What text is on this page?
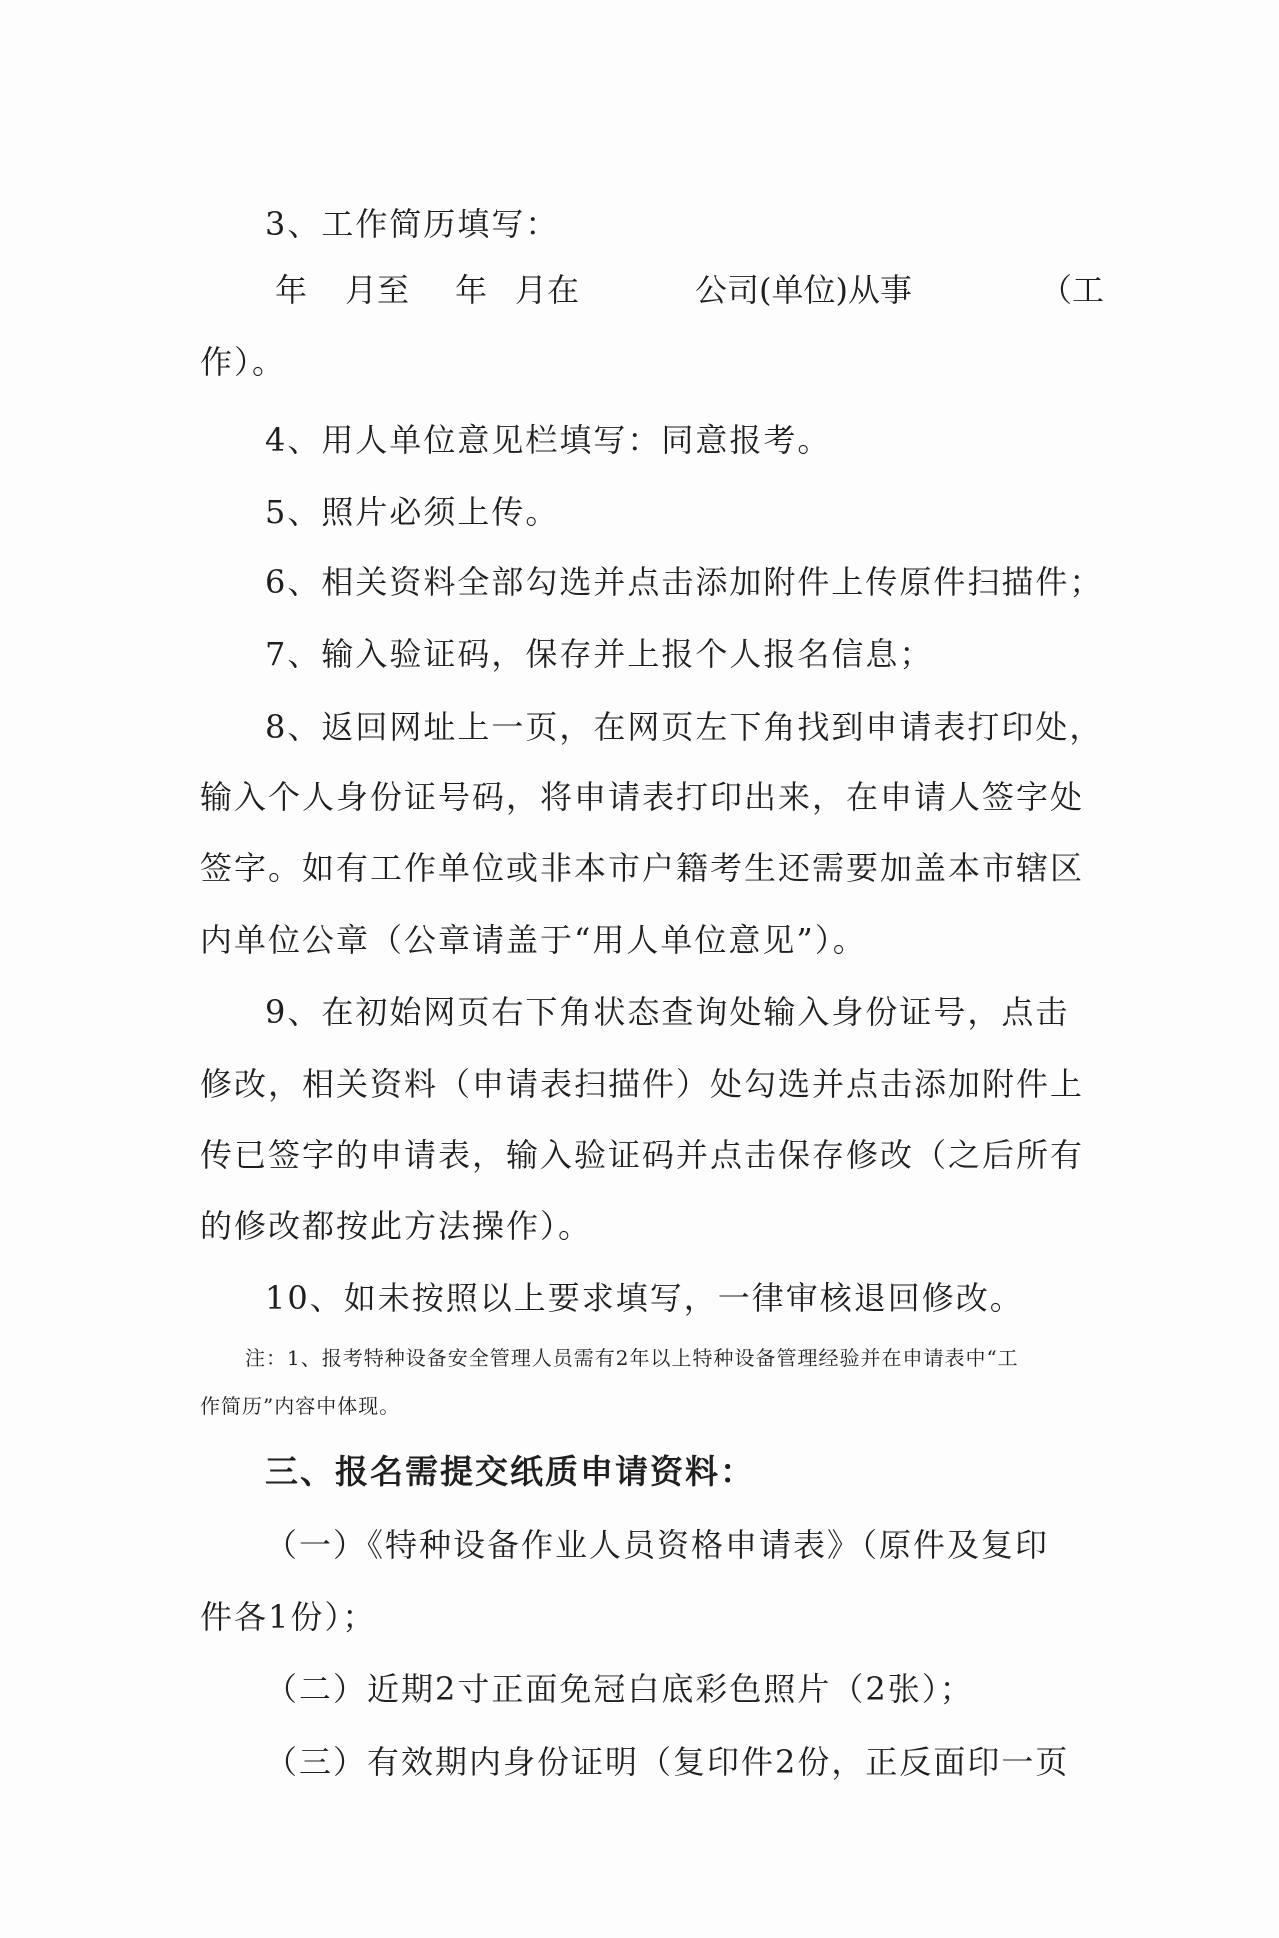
3、工作简历填写：
年 月至 年 月在	公司(单位)从事	（工
作）。
4、用人单位意见栏填写：同意报考。
5、照片必须上传。
6、相关资料全部勾选并点击添加附件上传原件扫描件；
7、输入验证码，保存并上报个人报名信息；
8、返回网址上一页，在网页左下角找到申请表打印处，
输入个人身份证号码，将申请表打印出来，在申请人签字处
签字。如有工作单位或非本市户籍考生还需要加盖本市辖区
内单位公章（公章请盖于“用人单位意见”）。
9、在初始网页右下角状态查询处输入身份证号，点击
修改，相关资料（申请表扫描件）处勾选并点击添加附件上
传已签字的申请表，输入验证码并点击保存修改（之后所有
的修改都按此方法操作）。
10、如未按照以上要求填写，一律审核退回修改。
注：1、报考特种设备安全管理人员需有2年以上特种设备管理经验并在申请表中“工
作简历”内容中体现。
三、报名需提交纸质申请资料：
（一）《特种设备作业人员资格申请表》（原件及复印
件各1份）；
（二）近期2寸正面免冠白底彩色照片（2张）；
（三）有效期内身份证明（复印件2份，正反面印一页
